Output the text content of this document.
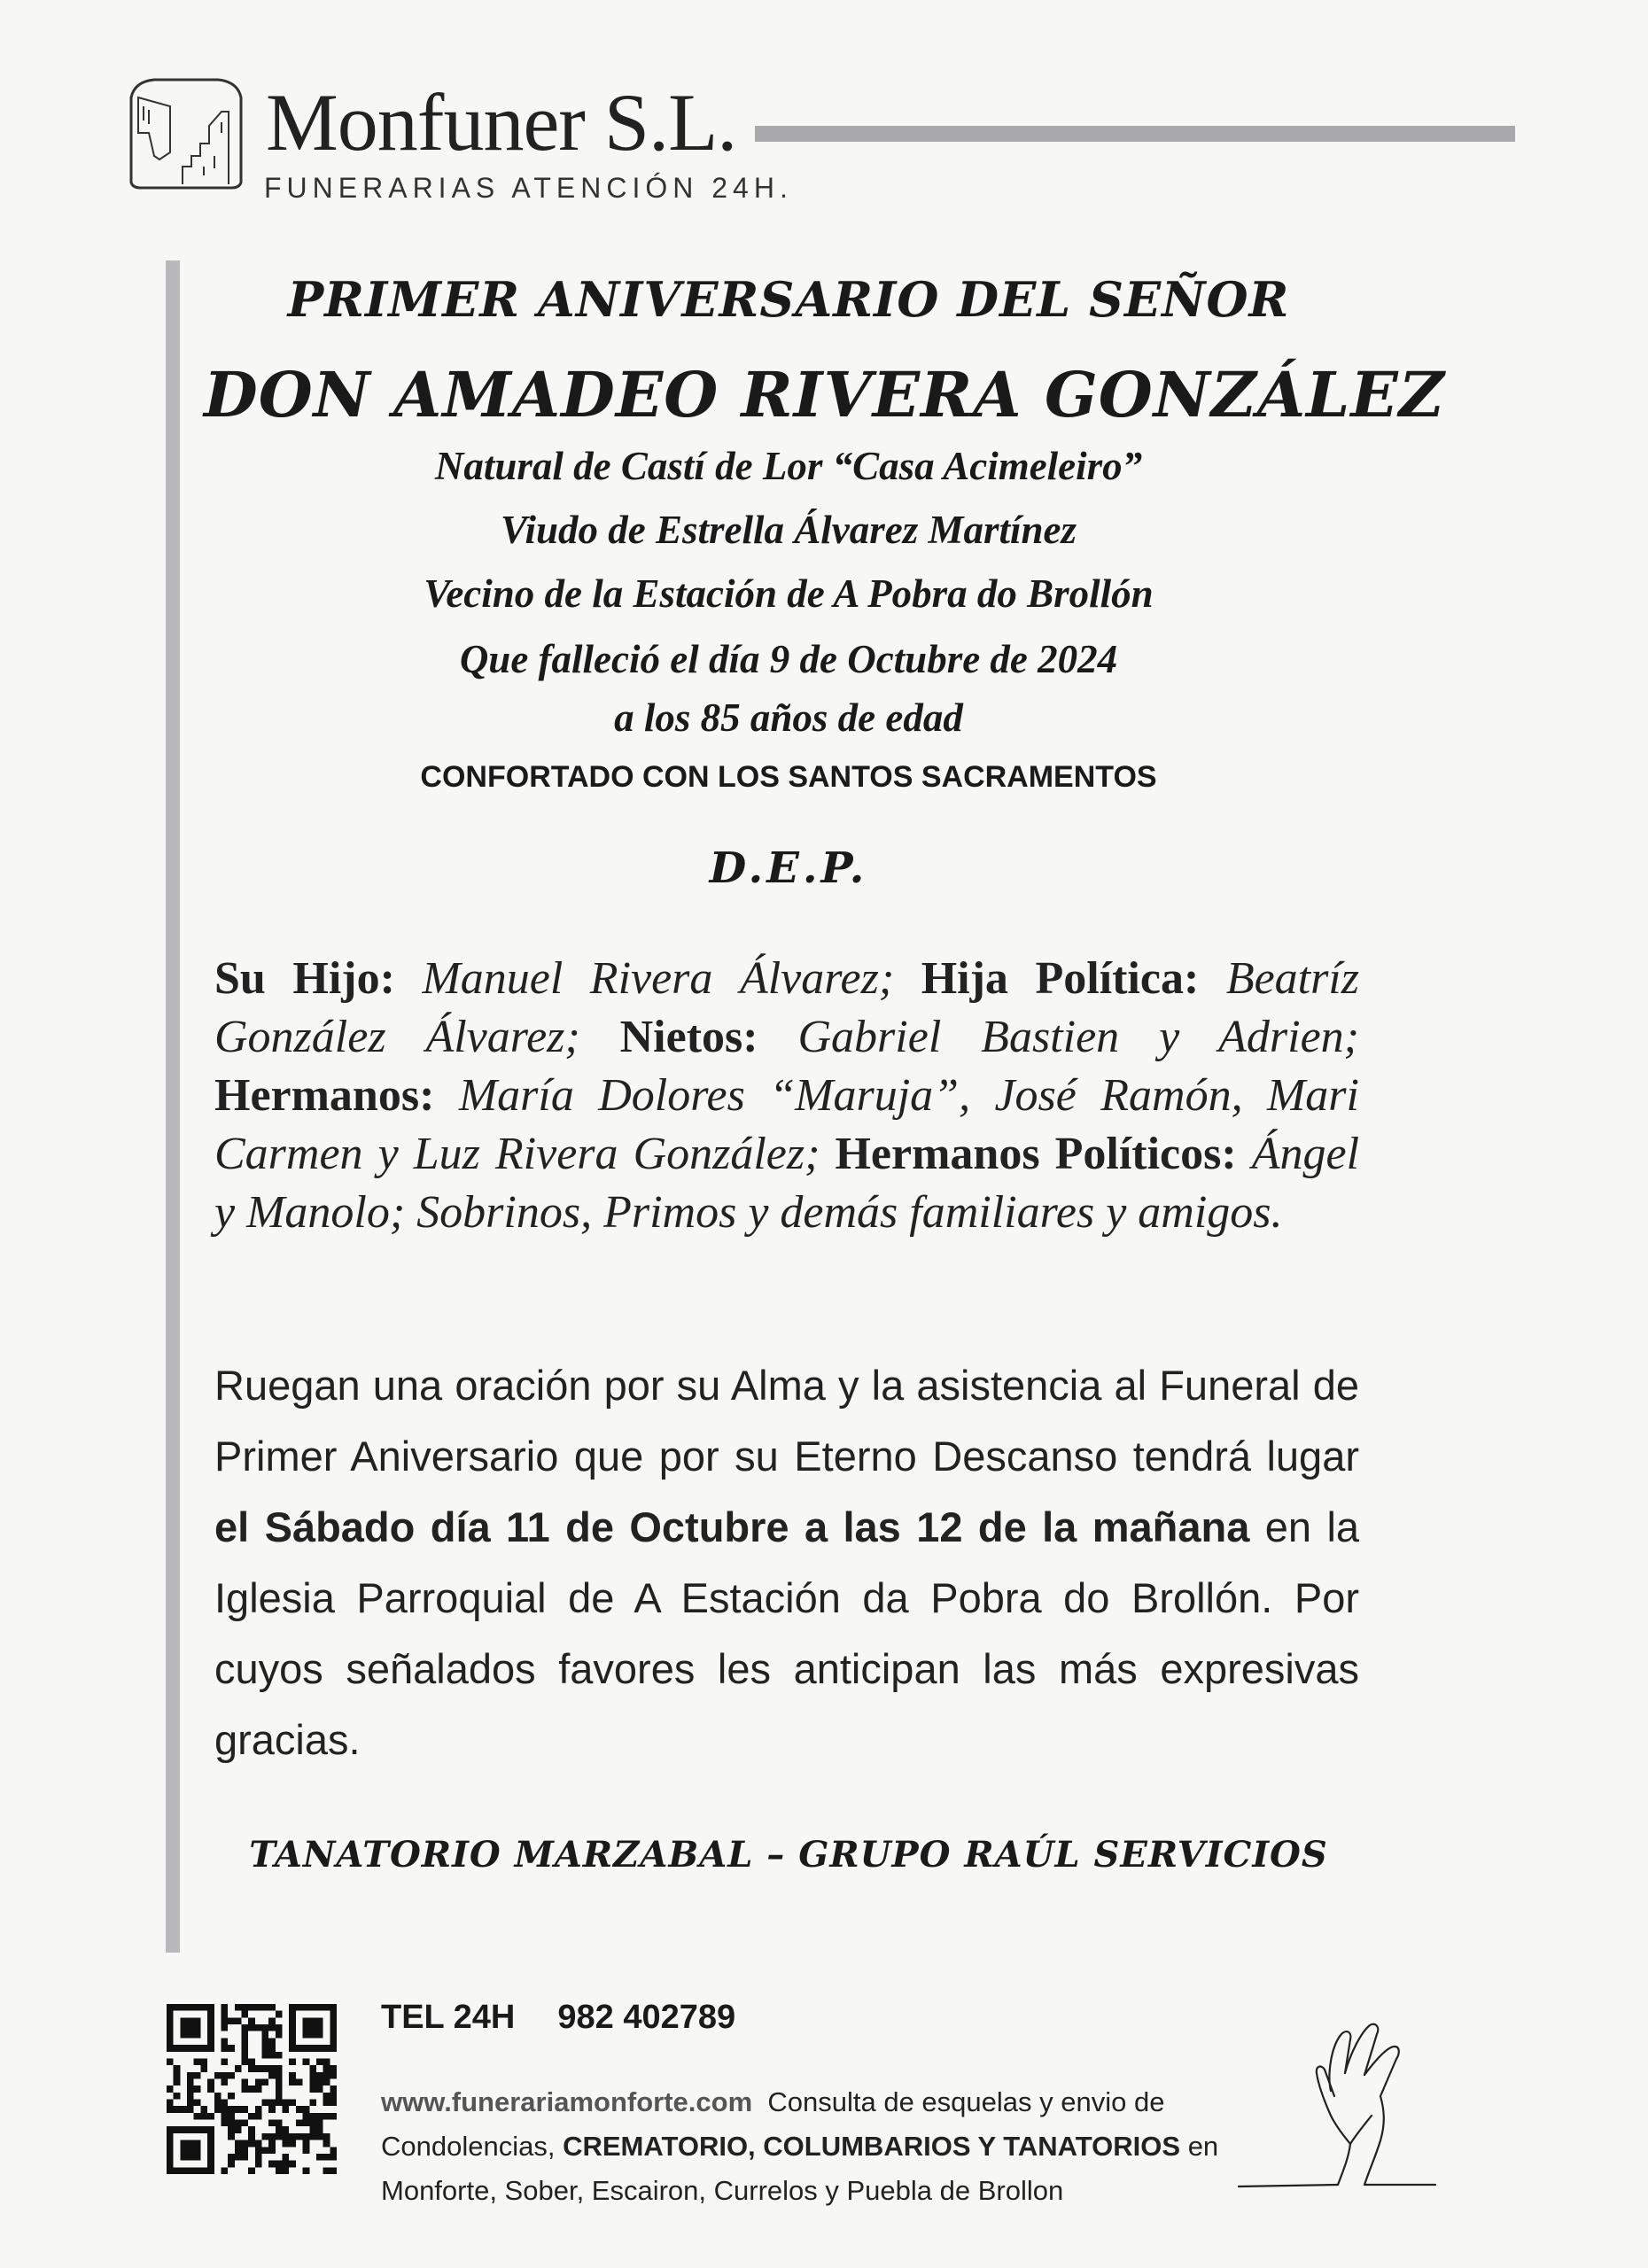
Monfuner S.L.
FUNERARIAS ATENCIÓN 24H.
PRIMER ANIVERSARIO DEL SEÑOR
DON AMADEO RIVERA GONZÁLEZ
Natural de Castí de Lor “Casa Acimeleiro”
Viudo de Estrella Álvarez Martínez
Vecino de la Estación de A Pobra do Brollón
Que falleció el día 9 de Octubre de 2024
a los 85 años de edad
CONFORTADO CON LOS SANTOS SACRAMENTOS
D.E.P.
Su Hijo: Manuel Rivera Álvarez; Hija Política: Beatríz González Álvarez; Nietos: Gabriel Bastien y Adrien; Hermanos: María Dolores “Maruja”, José Ramón, Mari Carmen y Luz Rivera González; Hermanos Políticos: Ángel y Manolo; Sobrinos, Primos y demás familiares y amigos.
Ruegan una oración por su Alma y la asistencia al Funeral de Primer Aniversario que por su Eterno Descanso tendrá lugar el Sábado día 11 de Octubre a las 12 de la mañana en la Iglesia Parroquial de A Estación da Pobra do Brollón. Por cuyos señalados favores les anticipan las más expresivas gracias.
TANATORIO MARZABAL – GRUPO RAÚL SERVICIOS
TEL 24H 982 402789
www.funerariamonforte.com Consulta de esquelas y envio de Condolencias, CREMATORIO, COLUMBARIOS Y TANATORIOS en Monforte, Sober, Escairon, Currelos y Puebla de Brollon
